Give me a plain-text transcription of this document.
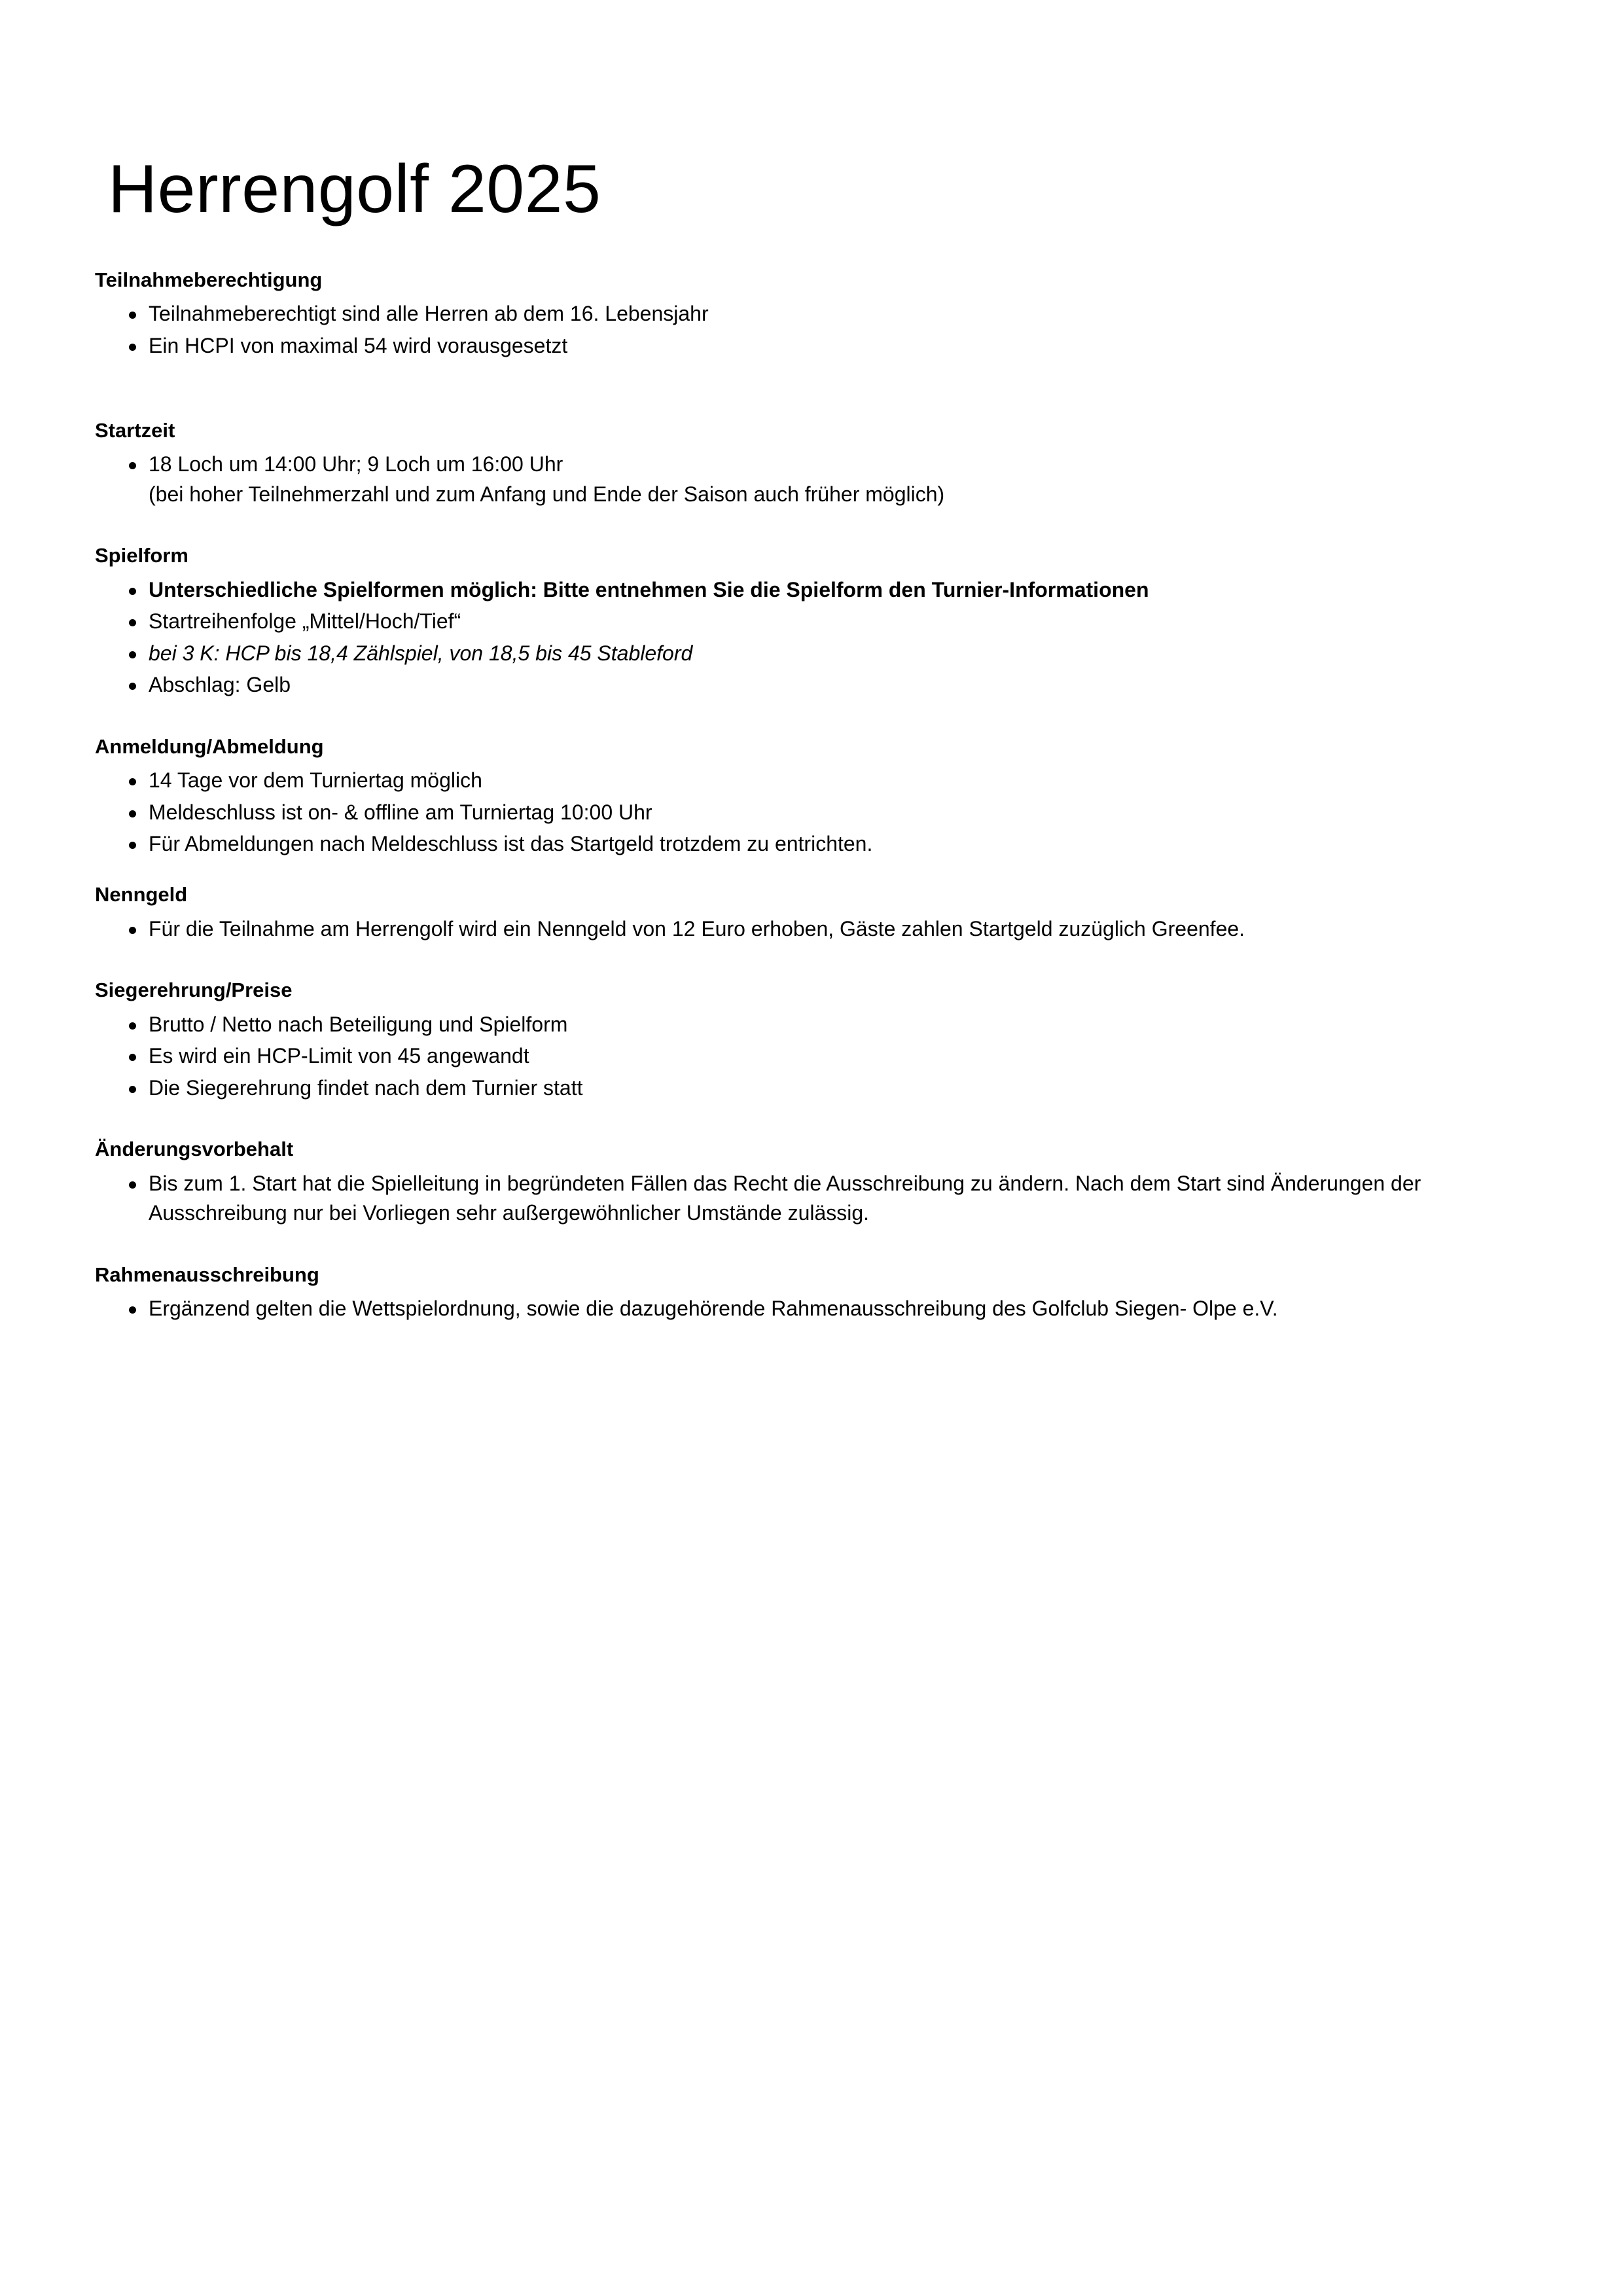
Herrengolf 2025
Teilnahmeberechtigung
Teilnahmeberechtigt sind alle Herren ab dem 16. Lebensjahr
Ein HCPI von maximal 54 wird vorausgesetzt
Startzeit
18 Loch um 14:00 Uhr; 9 Loch um 16:00 Uhr
(bei hoher Teilnehmerzahl und zum Anfang und Ende der Saison auch früher möglich)
Spielform
Unterschiedliche Spielformen möglich: Bitte entnehmen Sie die Spielform den Turnier-Informationen
Startreihenfolge „Mittel/Hoch/Tief“
bei 3 K: HCP bis 18,4 Zählspiel, von 18,5 bis 45 Stableford
Abschlag: Gelb
Anmeldung/Abmeldung
14 Tage vor dem Turniertag möglich
Meldeschluss ist on- & offline am Turniertag 10:00 Uhr
Für Abmeldungen nach Meldeschluss ist das Startgeld trotzdem zu entrichten.
Nenngeld
Für die Teilnahme am Herrengolf wird ein Nenngeld von 12 Euro erhoben, Gäste zahlen Startgeld zuzüglich Greenfee.
Siegerehrung/Preise
Brutto / Netto nach Beteiligung und Spielform
Es wird ein HCP-Limit von 45 angewandt
Die Siegerehrung findet nach dem Turnier statt
Änderungsvorbehalt
Bis zum 1. Start hat die Spielleitung in begründeten Fällen das Recht die Ausschreibung zu ändern. Nach dem Start sind Änderungen der Ausschreibung nur bei Vorliegen sehr außergewöhnlicher Umstände zulässig.
Rahmenausschreibung
Ergänzend gelten die Wettspielordnung, sowie die dazugehörende Rahmenausschreibung des Golfclub Siegen- Olpe e.V.
